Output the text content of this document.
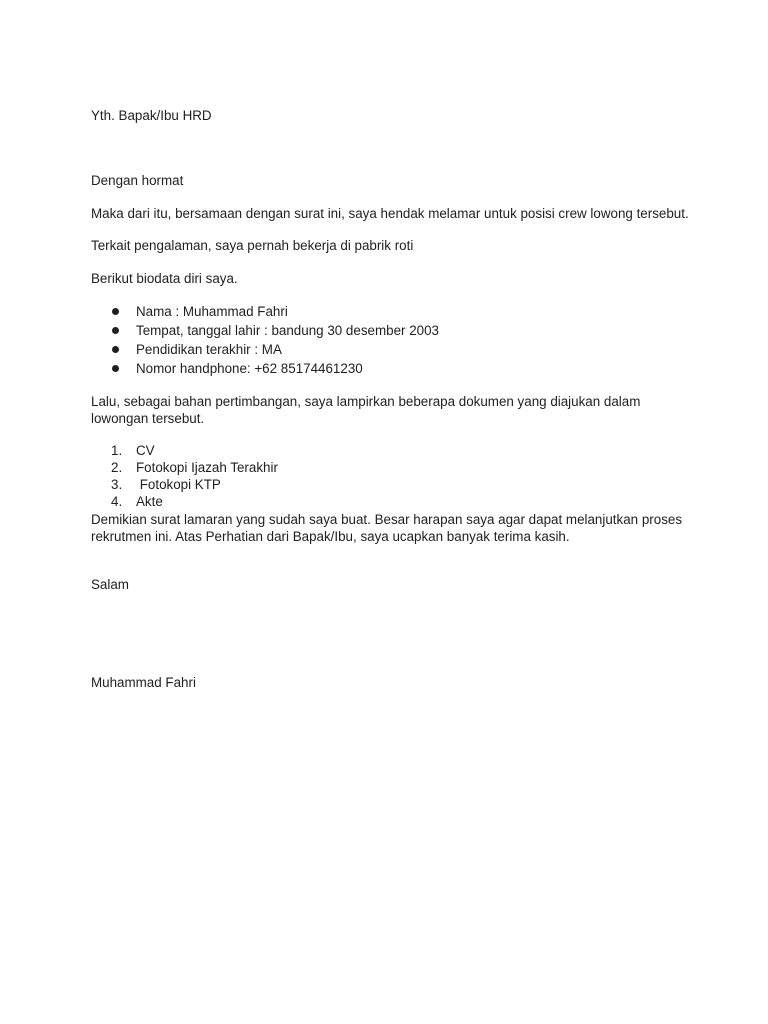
Yth. Bapak/Ibu HRD
Dengan hormat
Maka dari itu, bersamaan dengan surat ini, saya hendak melamar untuk posisi crew lowong tersebut.
Terkait pengalaman, saya pernah bekerja di pabrik roti
Berikut biodata diri saya.
Nama : Muhammad Fahri
Tempat, tanggal lahir : bandung 30 desember 2003
Pendidikan terakhir : MA
Nomor handphone: +62 85174461230
Lalu, sebagai bahan pertimbangan, saya lampirkan beberapa dokumen yang diajukan dalam lowongan tersebut.
1. CV
2. Fotokopi Ijazah Terakhir
3. Fotokopi KTP
4. Akte
Demikian surat lamaran yang sudah saya buat. Besar harapan saya agar dapat melanjutkan proses rekrutmen ini. Atas Perhatian dari Bapak/Ibu, saya ucapkan banyak terima kasih.
Salam
Muhammad Fahri
